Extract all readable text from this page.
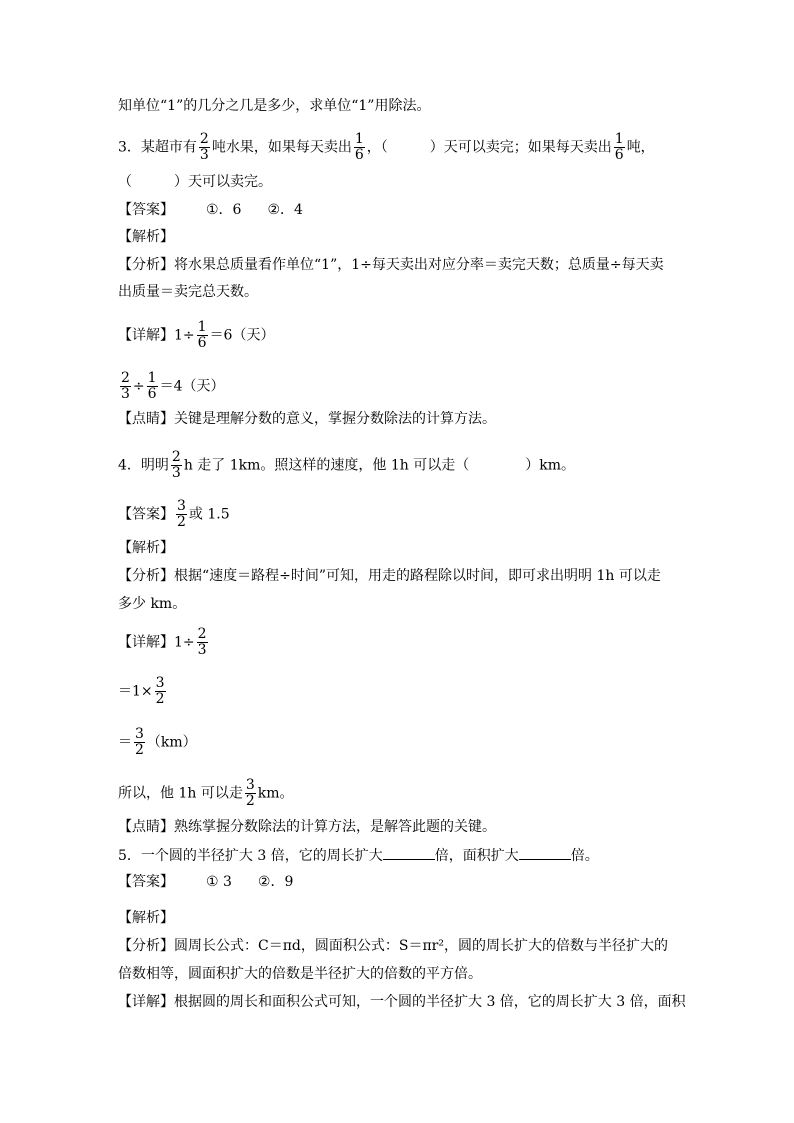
知单位“1”的几分之几是多少，求单位“1”用除法。
3．某超市有 $\frac{2}{3}$ 吨水果，如果每天卖出 $\frac{1}{6}$ ，（　　　）天可以卖完；如果每天卖出 $\frac{1}{6}$ 吨，
（　　　）天可以卖完。
【答案】 ①．6 ②．4
【解析】
【分析】将水果总质量看作单位“1”，1÷每天卖出对应分率＝卖完天数；总质量÷每天卖
出质量＝卖完总天数。
【详解】$1\div \frac{1}{6} =6$（天）
$\frac{2}{3} \div \frac{1}{6} =4$（天）
【点睛】关键是理解分数的意义，掌握分数除法的计算方法。
4．明明 $\frac{2}{3}$ h 走了 1km。照这样的速度，他 1h 可以走（　　　　）km。
【答案】 $\frac{3}{2}$ 或 1.5
【解析】
【分析】根据“速度＝路程÷时间”可知，用走的路程除以时间，即可求出明明 1h 可以走
多少 km。
【详解】$1\div \frac{2}{3}$
$=1\times \frac{3}{2}$
＝ $\frac{3}{2} (km)$
所以，他 1h 可以走 $\frac{3}{2}$ km。
【点睛】熟练掌握分数除法的计算方法，是解答此题的关键。
5．一个圆的半径扩大 3 倍，它的周长扩大	倍，面积扩大	倍。
【答案】 ① 3 ②．9
【解析】
【分析】圆周长公式：C＝πd，圆面积公式：S＝πr²，圆的周长扩大的倍数与半径扩大的
倍数相等，圆面积扩大的倍数是半径扩大的倍数的平方倍。
【详解】根据圆的周长和面积公式可知，一个圆的半径扩大 3 倍，它的周长扩大 3 倍，面积
